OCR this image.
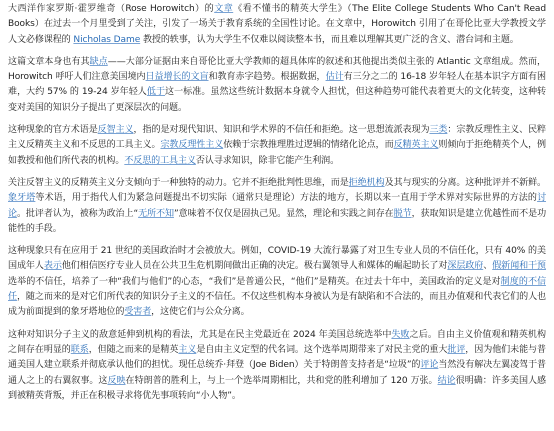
大西洋作家罗斯·霍罗维奇（Rose Horowitch）的文章《看不懂书的精英大学生》（The Elite College Students Who Can't Read Books）在过去一个月里受到了关注，引发了一场关于教育系统的全国性讨论。在文章中，Horowitch 引用了在哥伦比亚大学教授文学人文必修课程的 Nicholas Dame 教授的轶事，认为大学生不仅难以阅读整本书，而且难以理解其更广泛的含义、潜台词和主题。

这篇文章本身也有其缺点——大部分证据由来自哥伦比亚大学教师的超具体库的叙述和其他提出类似主张的 Atlantic 文章组成。然而，Horowitch 呼吁人们注意美国境内日益增长的文盲和教育赤字趋势。根据数据，估计有三分之二的 16-18 岁年轻人在基本识字方面有困难，大约 57% 的 19-24 岁年轻人低于这一标准。虽然这些统计数据本身就令人担忧，但这种趋势可能代表着更大的文化转变，这种转变对美国的知识分子提出了更深层次的问题。

这种现象的官方术语是反智主义，指的是对现代知识、知识和学术界的不信任和拒绝。这一思想流派表现为三类：宗教反理性主义、民粹主义反精英主义和不反思的工具主义。宗教反理性主义依赖于宗教推理胜过逻辑的情绪化论点，而反精英主义则倾向于拒绝精英个人，例如教授和他们所代表的机构。不反思的工具主义否认寻求知识，除非它能产生利润。

关注反智主义的反精英主义分支倾向于一种独特的动力。它并不拒绝批判性思维，而是拒绝机构及其与现实的分离。这种批评并不新鲜。象牙塔等术语，用于指代人们为紧急问题提出不切实际（通常只是理论）方法的地方，长期以来一直用于学术界对实际世界的方法的讨论。批评者认为，被称为政治上“无所不知”意味着不仅仅是固执己见。显然，理论和实践之间存在脱节，获取知识是建立优越性而不是功能性的手段。

这种现象只有在应用于 21 世纪的美国政治时才会被放大。例如，COVID-19 大流行暴露了对卫生专业人员的不信任化，只有 40% 的美国成年人表示他们相信医疗专业人员在公共卫生危机期间做出正确的决定。极右翼领导人和媒体的崛起助长了对深层政府、假新闻和干预选举的不信任，培养了一种“我们与他们”的心态，“我们”是普通公民，“他们”是精英。在过去十年中，美国政治的定义是对制度的不信任，随之而来的是对它们所代表的知识分子主义的不信任。不仅这些机构本身被认为是有缺陷和不合法的，而且办值观和代表它们的人也成为前面提到的象牙塔地位的受害者，这使它们与公众分离。

这种对知识分子主义的敌意延伸到机构的看法，尤其是在民主党最近在 2024 年美国总统选举中失败之后。自由主义价值观和精英机构之间存在明显的联系，但随之而来的是精英主义是自由主义定型的代名词。这个选举周期带来了对民主党的重大批评，因为他们未能与普通美国人建立联系并彻底承认他们的担忧。现任总统乔·拜登（Joe Biden）关于特朗普支持者是“垃圾”的评论当然没有解决左翼凌驾于普通人之上的右翼叙事。这反映在特朗普的胜利上，与上一个选举周期相比，共和党的胜利增加了 120 万张。结论很明确：许多美国人感到被精英背叛，并正在积极寻求将优先事项转向“小人物”。
